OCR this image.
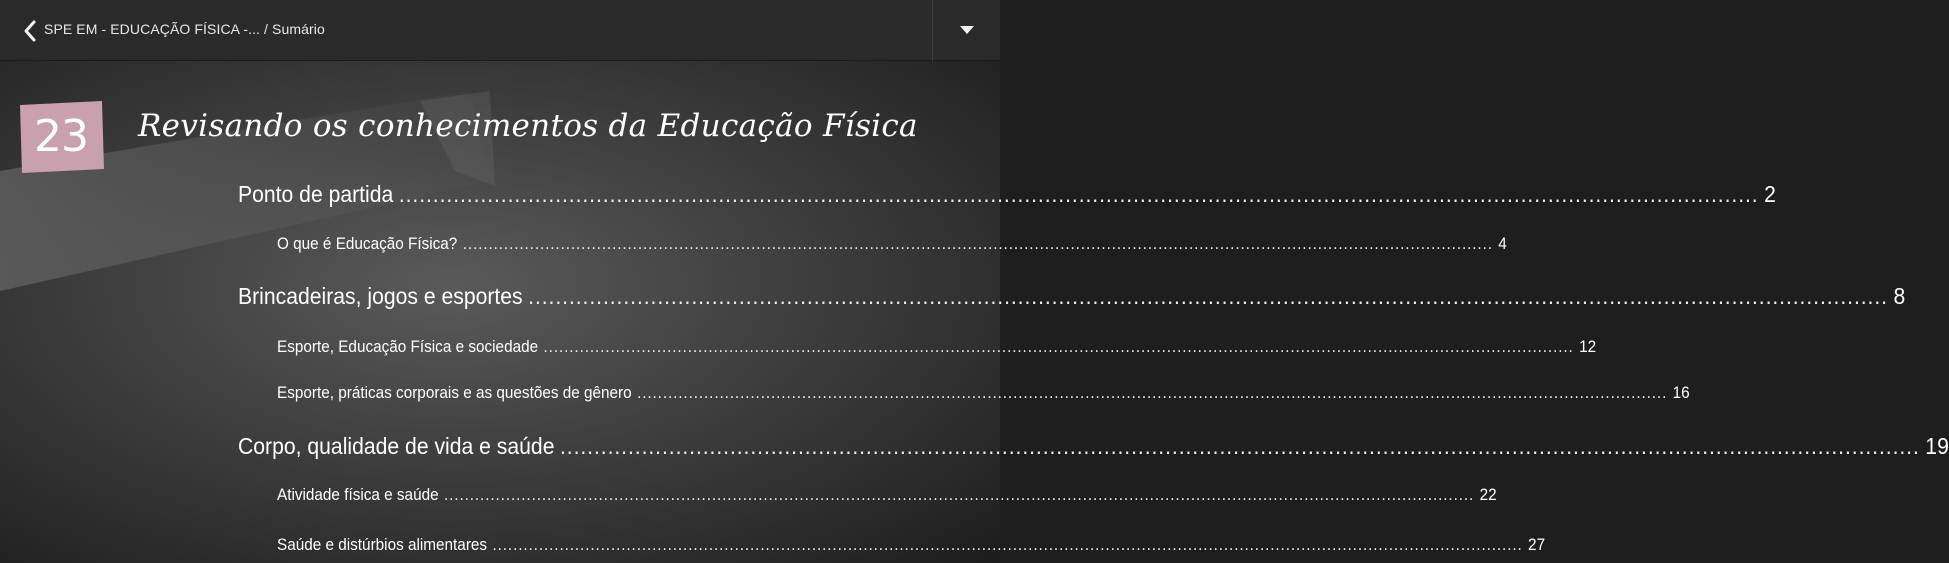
SPE EM - EDUCAÇÃO FÍSICA -... / Sumário
23	Revisando os conhecimentos da Educação Física
Ponto de partida ........................................................................................................................................................................................................ 2
O que é Educação Física? ........................................................................................................................................................................................................ 4
Brincadeiras, jogos e esportes ........................................................................................................................................................................................................ 8
Esporte, Educação Física e sociedade ........................................................................................................................................................................................................ 12
Esporte, práticas corporais e as questões de gênero ........................................................................................................................................................................................................ 16
Corpo, qualidade de vida e saúde ........................................................................................................................................................................................................ 19
Atividade física e saúde ........................................................................................................................................................................................................ 22
Saúde e distúrbios alimentares ........................................................................................................................................................................................................ 27
